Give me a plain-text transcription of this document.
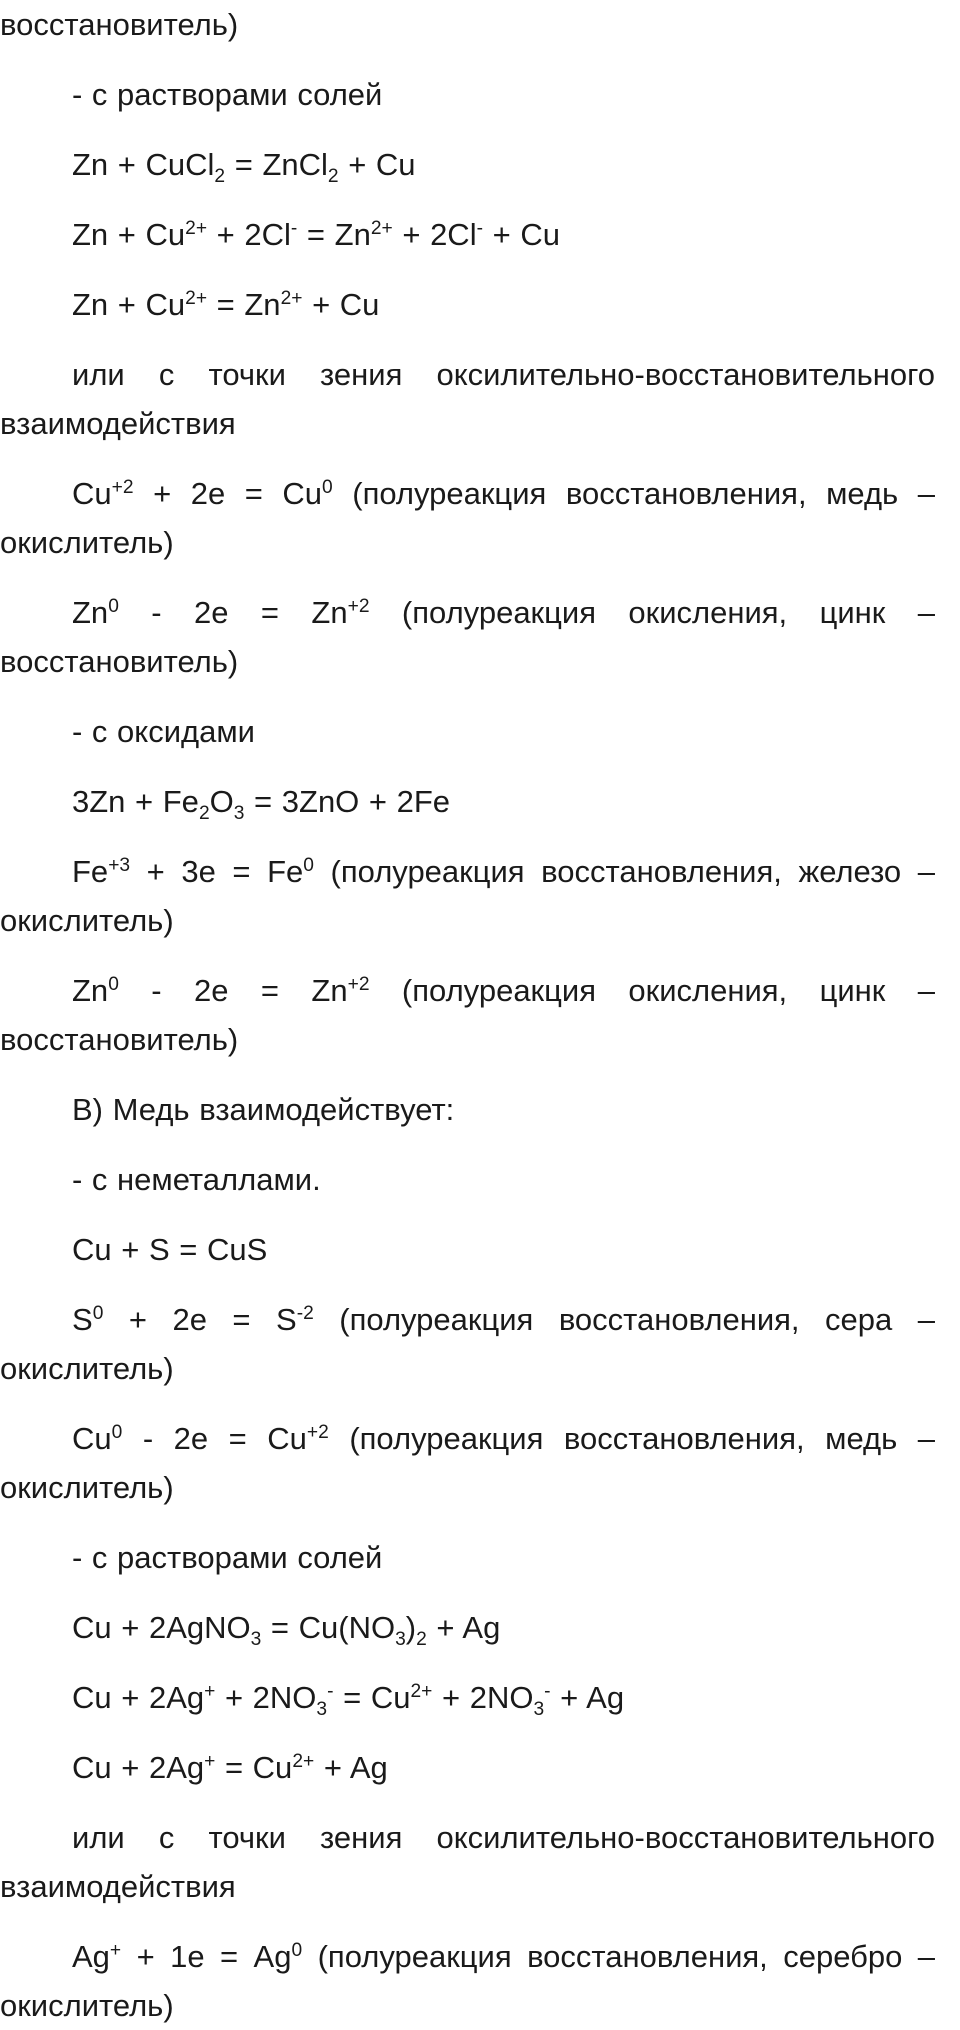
восстановитель)

- с растворами солей

Zn + CuCl$_2$ = ZnCl$_2$ + Cu

$Zn + Cu^{2+} + 2Cl^- = Zn^{2+} + 2Cl^- + Cu$

$Zn + Cu^{2+} = Zn^{2+} + Cu$

или с точки зения оксилительно-восстановительного взаимодействия

$Cu^{+2} + 2е = Cu^0$ (полуреакция восстановления, медь – окислитель)

$Zn^0 - 2е = Zn^{+2}$ (полуреакция окисления, цинк – восстановитель)

- с оксидами

$3Zn + Fe_2O_3 = 3ZnO + 2Fe$

$Fe^{+3} + 3е = Fe^0$ (полуреакция восстановления, железо – окислитель)

$Zn^0 - 2е = Zn^{+2}$ (полуреакция окисления, цинк – восстановитель)

В) Медь взаимодействует:

- с неметаллами.

Cu + S = CuS

$S^0 + 2е = S^{-2}$ (полуреакция восстановления, сера – окислитель)

$Cu^0 - 2е = Cu^{+2}$ (полуреакция восстановления, медь – окислитель)

- с растворами солей

Cu + 2AgNO$_3$ = $Cu(NO_3)_2 + Ag$

$Cu + 2Ag^+ + 2NO_3^- = Cu^{2+} + 2NO_3^- + Ag$

$Cu + 2Ag^+ = Cu^{2+} + Ag$

или с точки зения оксилительно-восстановительного взаимодействия

$Ag^+ + 1е = Ag^0$ (полуреакция восстановления, серебро – окислитель)
